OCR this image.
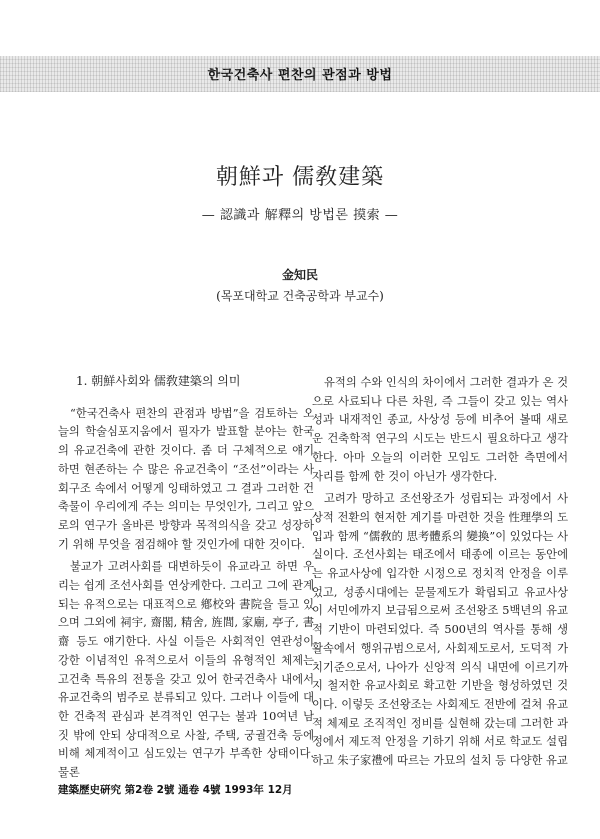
한국건축사 편찬의 관점과 방법
朝鮮과 儒敎建築
— 認識과 解釋의 방법론 摸索 —
金知民
(목포대학교 건축공학과 부교수)
1. 朝鮮사회와 儒敎建築의 의미

“한국건축사 편찬의 관점과 방법”을 검토하는 오늘의 학술심포지움에서 필자가 발표할 분야는 한국의 유교건축에 관한 것이다. 좀 더 구체적으로 얘기하면 현존하는 수 많은 유교건축이 “조선”이라는 사회구조 속에서 어떻게 잉태하였고 그 결과 그러한 건축물이 우리에게 주는 의미는 무엇인가, 그리고 앞으로의 연구가 올바른 방향과 목적의식을 갖고 성장하기 위해 무엇을 점검해야 할 것인가에 대한 것이다.

불교가 고려사회를 대변하듯이 유교라고 하면 우리는 쉽게 조선사회를 연상케한다. 그리고 그에 관계되는 유적으로는 대표적으로 鄕校와 書院을 들고 있으며 그외에 祠宇, 齋閣, 精舍, 旌閭, 家廟, 亭子, 書齋 등도 얘기한다. 사실 이들은 사회적인 연관성이 강한 이념적인 유적으로서 이들의 유형적인 체제는 고건축 특유의 전통을 갖고 있어 한국건축사 내에서 유교건축의 범주로 분류되고 있다. 그러나 이들에 대한 건축적 관심과 본격적인 연구는 불과 10여년 남짓 밖에 안되 상대적으로 사찰, 주택, 궁궐건축 등에 비해 체계적이고 심도있는 연구가 부족한 상태이다. 물론

유적의 수와 인식의 차이에서 그러한 결과가 온 것으로 사료되나 다른 차원, 즉 그들이 갖고 있는 역사성과 내재적인 종교, 사상성 등에 비추어 볼때 새로운 건축학적 연구의 시도는 반드시 필요하다고 생각한다. 아마 오늘의 이러한 모임도 그러한 측면에서 자리를 함께 한 것이 아닌가 생각한다.

고려가 망하고 조선왕조가 성립되는 과정에서 사상적 전환의 현저한 계기를 마련한 것을 性理學의 도입과 함께 “儒敎的 思考體系의 變換”이 있었다는 사실이다. 조선사회는 태조에서 태종에 이르는 동안에는 유교사상에 입각한 시정으로 정치적 안정을 이루었고, 성종시대에는 문물제도가 확립되고 유교사상이 서민에까지 보급됨으로써 조선왕조 5백년의 유교적 기반이 마련되었다. 즉 500년의 역사를 통해 생활속에서 행위규범으로서, 사회제도로서, 도덕적 가치기준으로서, 나아가 신앙적 의식 내면에 이르기까지 철저한 유교사회로 확고한 기반을 형성하였던 것이다. 이렇듯 조선왕조는 사회제도 전반에 걸쳐 유교적 체제로 조직적인 정비를 실현해 갔는데 그러한 과정에서 제도적 안정을 기하기 위해 서로 학교도 설립하고 朱子家禮에 따르는 가묘의 설치 등 다양한 유교

建築歷史硏究 第2卷 2號 通卷 4號 1993年 12月
